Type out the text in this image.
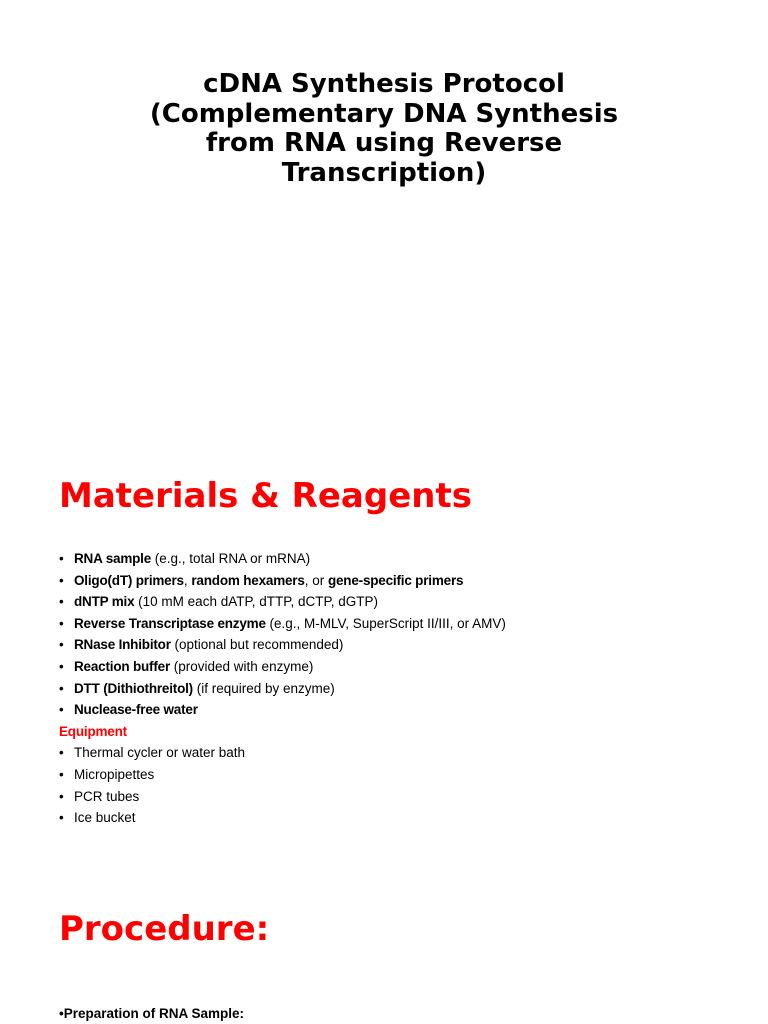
cDNA Synthesis Protocol
(Complementary DNA Synthesis
from RNA using Reverse
Transcription)
Materials & Reagents
• RNA sample (e.g., total RNA or mRNA)
• Oligo(dT) primers, random hexamers, or gene-specific primers
• dNTP mix (10 mM each dATP, dTTP, dCTP, dGTP)
• Reverse Transcriptase enzyme (e.g., M-MLV, SuperScript II/III, or AMV)
• RNase Inhibitor (optional but recommended)
• Reaction buffer (provided with enzyme)
• DTT (Dithiothreitol) (if required by enzyme)
• Nuclease-free water
Equipment
• Thermal cycler or water bath
• Micropipettes
• PCR tubes
• Ice bucket
Procedure:
•Preparation of RNA Sample:
